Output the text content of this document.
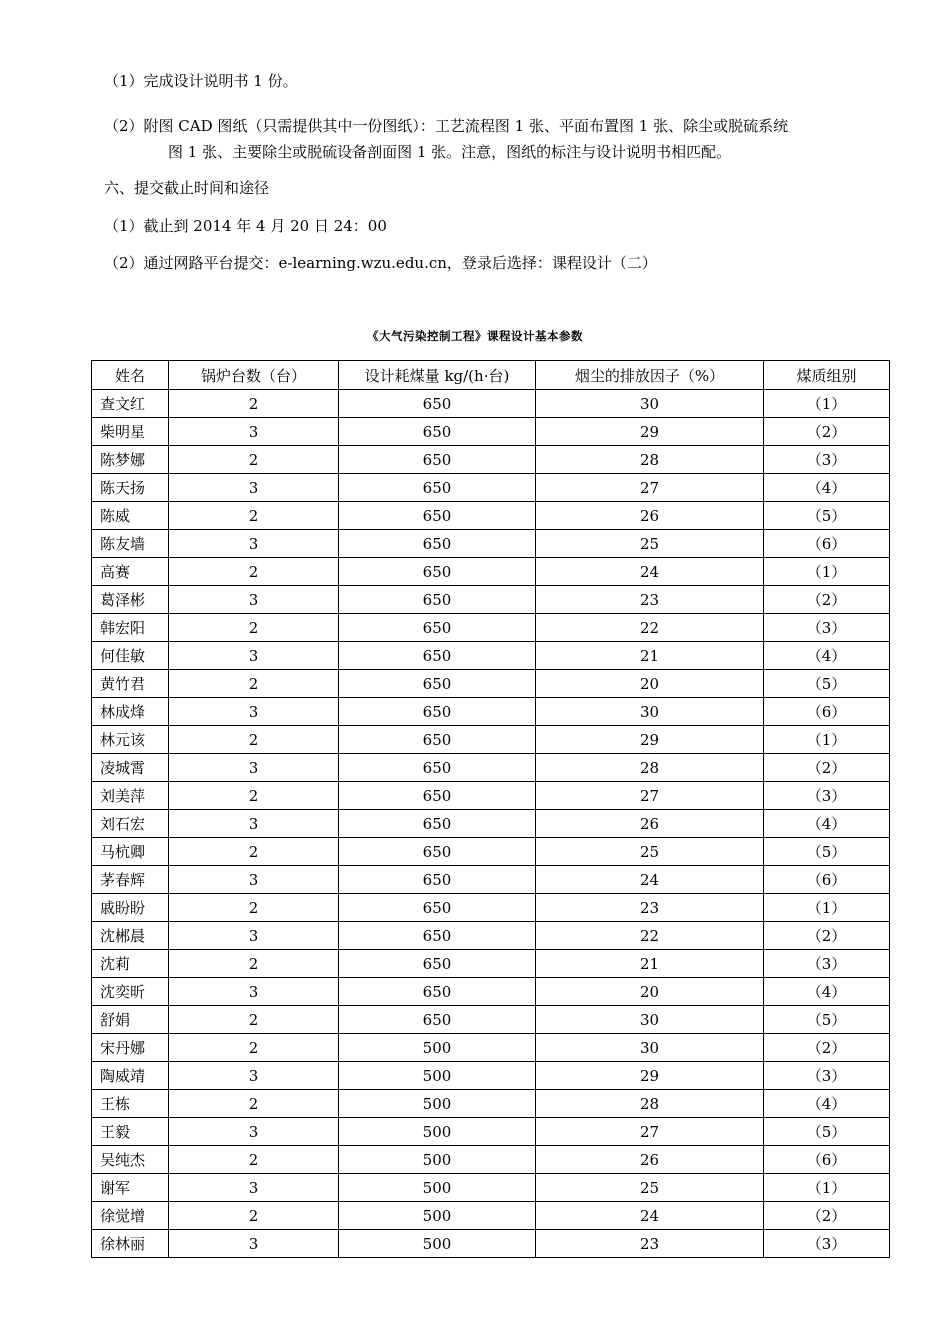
（1）完成设计说明书 1 份。
（2）附图 CAD 图纸（只需提供其中一份图纸）：工艺流程图 1 张、平面布置图 1 张、除尘或脱硫系统
图 1 张、主要除尘或脱硫设备剖面图 1 张。注意，图纸的标注与设计说明书相匹配。
六、提交截止时间和途径
（1）截止到 2014 年 4 月 20 日 24：00
（2）通过网路平台提交：e-learning.wzu.edu.cn，登录后选择：课程设计（二）
《大气污染控制工程》课程设计基本参数
姓名	锅炉台数（台）	设计耗煤量 kg/(h·台)	烟尘的排放因子（%）	煤质组别
查文红	2	650	30	（1）
柴明星	3	650	29	（2）
陈梦娜	2	650	28	（3）
陈天扬	3	650	27	（4）
陈威	2	650	26	（5）
陈友墙	3	650	25	（6）
高赛	2	650	24	（1）
葛泽彬	3	650	23	（2）
韩宏阳	2	650	22	（3）
何佳敏	3	650	21	（4）
黄竹君	2	650	20	（5）
林成烽	3	650	30	（6）
林元该	2	650	29	（1）
凌城霄	3	650	28	（2）
刘美萍	2	650	27	（3）
刘石宏	3	650	26	（4）
马杭卿	2	650	25	（5）
茅春辉	3	650	24	（6）
戚盼盼	2	650	23	（1）
沈郴晨	3	650	22	（2）
沈莉	2	650	21	（3）
沈奕昕	3	650	20	（4）
舒娟	2	650	30	（5）
宋丹娜	2	500	30	（2）
陶威靖	3	500	29	（3）
王栋	2	500	28	（4）
王毅	3	500	27	（5）
吴纯杰	2	500	26	（6）
谢军	3	500	25	（1）
徐觉增	2	500	24	（2）
徐林丽	3	500	23	（3）
